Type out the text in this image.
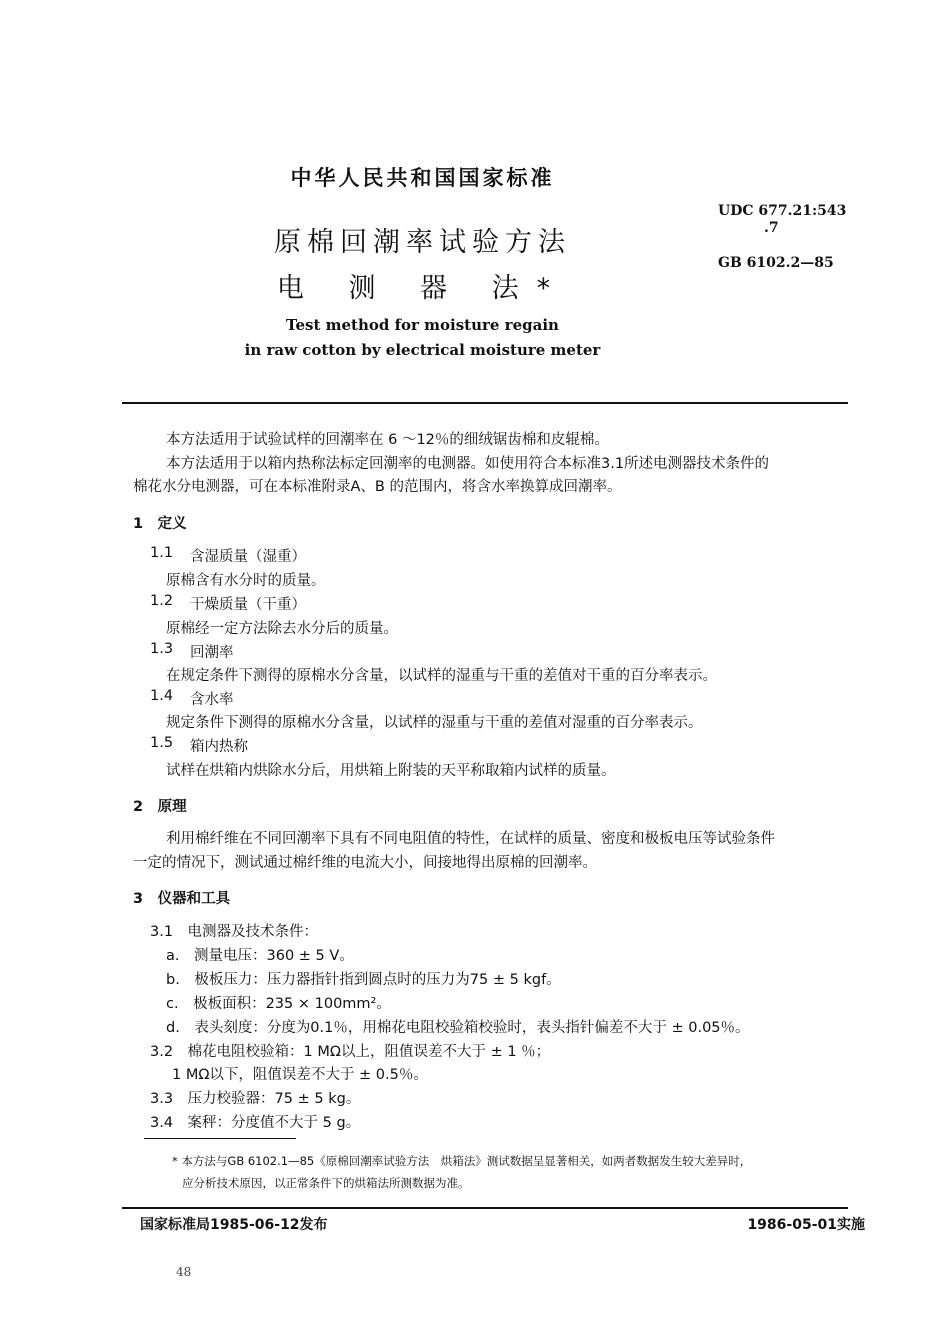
中华人民共和国国家标准
原棉回潮率试验方法
电 测 器 法*
Test method for moisture regain
in raw cotton by electrical moisture meter
UDC 677.21:543
.7
GB 6102.2—85
本方法适用于试验试样的回潮率在 6 ～12％的细绒锯齿棉和皮辊棉。
本方法适用于以箱内热称法标定回潮率的电测器。如使用符合本标准3.1所述电测器技术条件的
棉花水分电测器，可在本标准附录A、B 的范围内，将含水率换算成回潮率。
1　定义
1.1 含湿质量（湿重）
原棉含有水分时的质量。
1.2 干燥质量（干重）
原棉经一定方法除去水分后的质量。
1.3 回潮率
在规定条件下测得的原棉水分含量，以试样的湿重与干重的差值对干重的百分率表示。
1.4 含水率
规定条件下测得的原棉水分含量，以试样的湿重与干重的差值对湿重的百分率表示。
1.5 箱内热称
试样在烘箱内烘除水分后，用烘箱上附装的天平称取箱内试样的质量。
2　原理
利用棉纤维在不同回潮率下具有不同电阻值的特性，在试样的质量、密度和极板电压等试验条件
一定的情况下，测试通过棉纤维的电流大小，间接地得出原棉的回潮率。
3　仪器和工具
3.1　电测器及技术条件：
a.　测量电压：360 ± 5 V。
b.　极板压力：压力器指针指到圆点时的压力为75 ± 5 kgf。
c.　极板面积：235 × 100mm²。
d.　表头刻度：分度为0.1％，用棉花电阻校验箱校验时，表头指针偏差不大于 ± 0.05％。
3.2　棉花电阻校验箱：1 MΩ以上，阻值误差不大于 ± 1 ％；
1 MΩ以下，阻值误差不大于 ± 0.5％。
3.3　压力校验器：75 ± 5 kg。
3.4　案秤：分度值不大于 5 g。
* 本方法与GB 6102.1—85《原棉回潮率试验方法　烘箱法》测试数据呈显著相关，如两者数据发生较大差异时，
应分析技术原因，以正常条件下的烘箱法所测数据为准。
国家标准局1985-06-12发布	1986-05-01实施
48
